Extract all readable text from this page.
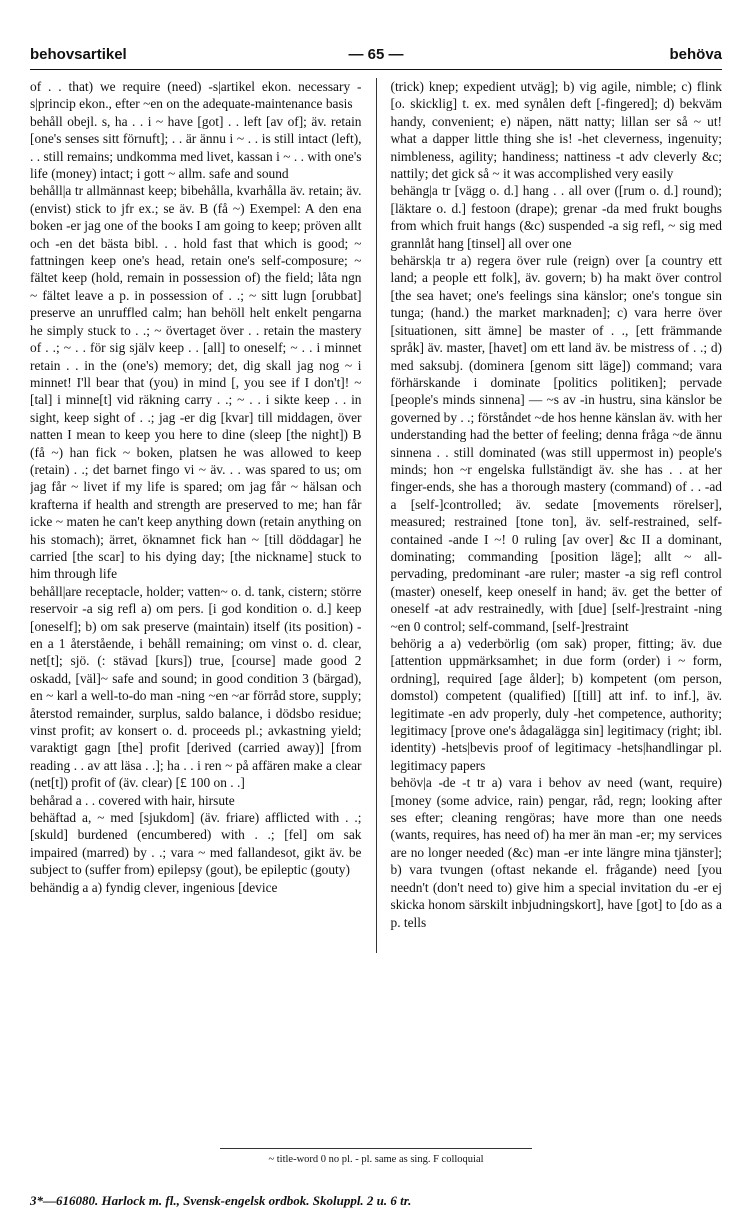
behovsartikel	— 65 —	behöva

of . . that) we require (need) -s|artikel ekon. necessary -s|princip ekon., efter ~en on the adequate-maintenance basis

behåll obejl. s, ha . . i ~ have [got] . . left [av of]; äv. retain [one's senses sitt förnuft]; . . är ännu i ~ . . is still intact (left), . . still remains; undkomma med livet, kassan i ~ . . with one's life (money) intact; i gott ~ allm. safe and sound

behåll|a tr allmännast keep; bibehålla, kvarhålla äv. retain; äv. (envist) stick to jfr ex.; se äv. B (få ~) Exempel: A den ena boken -er jag one of the books I am going to keep; pröven allt och -en det bästa bibl. . . hold fast that which is good; ~ fattningen keep one's head, retain one's self-composure; ~ fältet keep (hold, remain in possession of) the field; låta ngn ~ fältet leave a p. in possession of . .; ~ sitt lugn [orubbat] preserve an unruffled calm; han behöll helt enkelt pengarna he simply stuck to . .; ~ övertaget över . . retain the mastery of . .; ~ . . för sig själv keep . . [all] to oneself; ~ . . i minnet retain . . in the (one's) memory; det, dig skall jag nog ~ i minnet! I'll bear that (you) in mind [, you see if I don't]! ~ [tal] i minne[t] vid räkning carry . .; ~ . . i sikte keep . . in sight, keep sight of . .; jag -er dig [kvar] till middagen, över natten I mean to keep you here to dine (sleep [the night]) B (få ~) han fick ~ boken, platsen he was allowed to keep (retain) . .; det barnet fingo vi ~ äv. . . was spared to us; om jag får ~ livet if my life is spared; om jag får ~ hälsan och krafterna if health and strength are preserved to me; han får icke ~ maten he can't keep anything down (retain anything on his stomach); ärret, öknamnet fick han ~ [till döddagar] he carried [the scar] to his dying day; [the nickname] stuck to him through life

behåll|are receptacle, holder; vatten~ o. d. tank, cistern; större reservoir -a sig refl a) om pers. [i god kondition o. d.] keep [oneself]; b) om sak preserve (maintain) itself (its position) -en a 1 återstående, i behåll remaining; om vinst o. d. clear, net[t]; sjö. (: stävad [kurs]) true, [course] made good 2 oskadd, [väl]~ safe and sound; in good condition 3 (bärgad), en ~ karl a well-to-do man -ning ~en ~ar förråd store, supply; återstod remainder, surplus, saldo balance, i dödsbo residue; vinst profit; av konsert o. d. proceeds pl.; avkastning yield; varaktigt gagn [the] profit [derived (carried away)] [from reading . . av att läsa . .]; ha . . i ren ~ på affären make a clear (net[t]) profit of (äv. clear) [£ 100 on . .]

behårad a . . covered with hair, hirsute

behäftad a, ~ med [sjukdom] (äv. friare) afflicted with . .; [skuld] burdened (encumbered) with . .; [fel] om sak impaired (marred) by . .; vara ~ med fallandesot, gikt äv. be subject to (suffer from) epilepsy (gout), be epileptic (gouty)

behändig a a) fyndig clever, ingenious [device

(trick) knep; expedient utväg]; b) vig agile, nimble; c) flink [o. skicklig] t. ex. med synålen deft [-fingered]; d) bekväm handy, convenient; e) näpen, nätt natty; lillan ser så ~ ut! what a dapper little thing she is! -het cleverness, ingenuity; nimbleness, agility; handiness; nattiness -t adv cleverly &c; nattily; det gick så ~ it was accomplished very easily

behäng|a tr [vägg o. d.] hang . . all over ([rum o. d.] round); [läktare o. d.] festoon (drape); grenar -da med frukt boughs from which fruit hangs (&c) suspended -a sig refl, ~ sig med grannlåt hang [tinsel] all over one

behärsk|a tr a) regera över rule (reign) over [a country ett land; a people ett folk], äv. govern; b) ha makt över control [the sea havet; one's feelings sina känslor; one's tongue sin tunga; (hand.) the market marknaden]; c) vara herre över [situationen, sitt ämne] be master of . ., [ett främmande språk] äv. master, [havet] om ett land äv. be mistress of . .; d) med saksubj. (dominera [genom sitt läge]) command; vara förhärskande i dominate [politics politiken]; pervade [people's minds sinnena] — ~s av -in hustru, sina känslor be governed by . .; förståndet ~de hos henne känslan äv. with her understanding had the better of feeling; denna fråga ~de ännu sinnena . . still dominated (was still uppermost in) people's minds; hon ~r engelska fullständigt äv. she has . . at her finger-ends, she has a thorough mastery (command) of . . -ad a [self-]controlled; äv. sedate [movements rörelser], measured; restrained [tone ton], äv. self-restrained, self-contained -ande I ~! 0 ruling [av over] &c II a dominant, dominating; commanding [position läge]; allt ~ all-pervading, predominant -are ruler; master -a sig refl control (master) oneself, keep oneself in hand; äv. get the better of oneself -at adv restrainedly, with [due] [self-]restraint -ning ~en 0 control; self-command, [self-]restraint

behörig a a) vederbörlig (om sak) proper, fitting; äv. due [attention uppmärksamhet; in due form (order) i ~ form, ordning], required [age ålder]; b) kompetent (om person, domstol) competent (qualified) [[till] att inf. to inf.], äv. legitimate -en adv properly, duly -het competence, authority; legitimacy [prove one's ådagalägga sin] legitimacy (right; ibl. identity) -hets|bevis proof of legitimacy -hets|handlingar pl. legitimacy papers

behöv|a -de -t tr a) vara i behov av need (want, require) [money (some advice, rain) pengar, råd, regn; looking after ses efter; cleaning rengöras; have more than one needs (wants, requires, has need of) ha mer än man -er; my services are no longer needed (&c) man -er inte längre mina tjänster]; b) vara tvungen (oftast nekande el. frågande) need [you needn't (don't need to) give him a special invitation du -er ej skicka honom särskilt inbjudningskort], have [got] to [do as a p. tells

~ title-word 0 no pl. - pl. same as sing. F colloquial
3*—616080. Harlock m. fl., Svensk-engelsk ordbok. Skoluppl. 2 u. 6 tr.
